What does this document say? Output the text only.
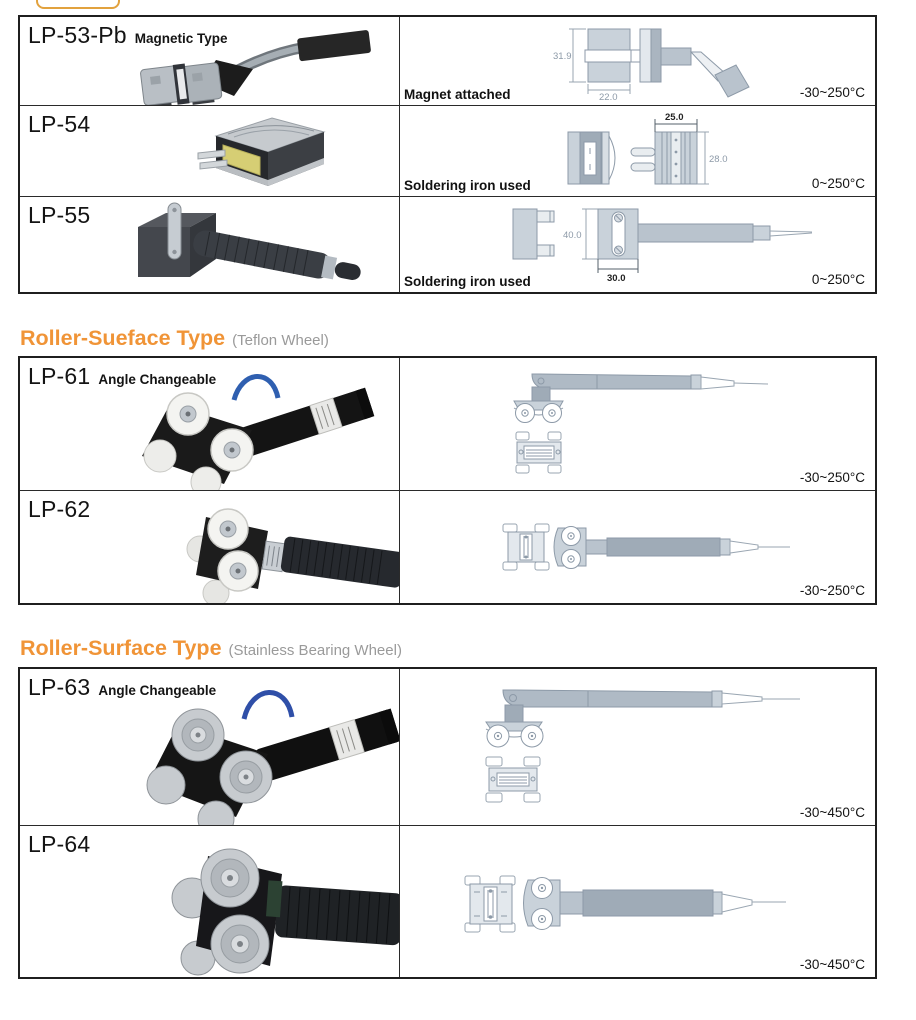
LP-53-Pb Magnetic Type
31.9
22.0
Magnet attached	-30~250°C
LP-54	25.0
28.0
Soldering iron used	0~250°C
LP-55
40.0
30.0
Soldering iron used	0~250°C
Roller-Sueface Type (Teflon Wheel)
LP-61 Angle Changeable
-30~250°C
LP-62
-30~250°C
Roller-Surface Type (Stainless Bearing Wheel)
LP-63 Angle Changeable
-30~450°C
LP-64
-30~450°C
